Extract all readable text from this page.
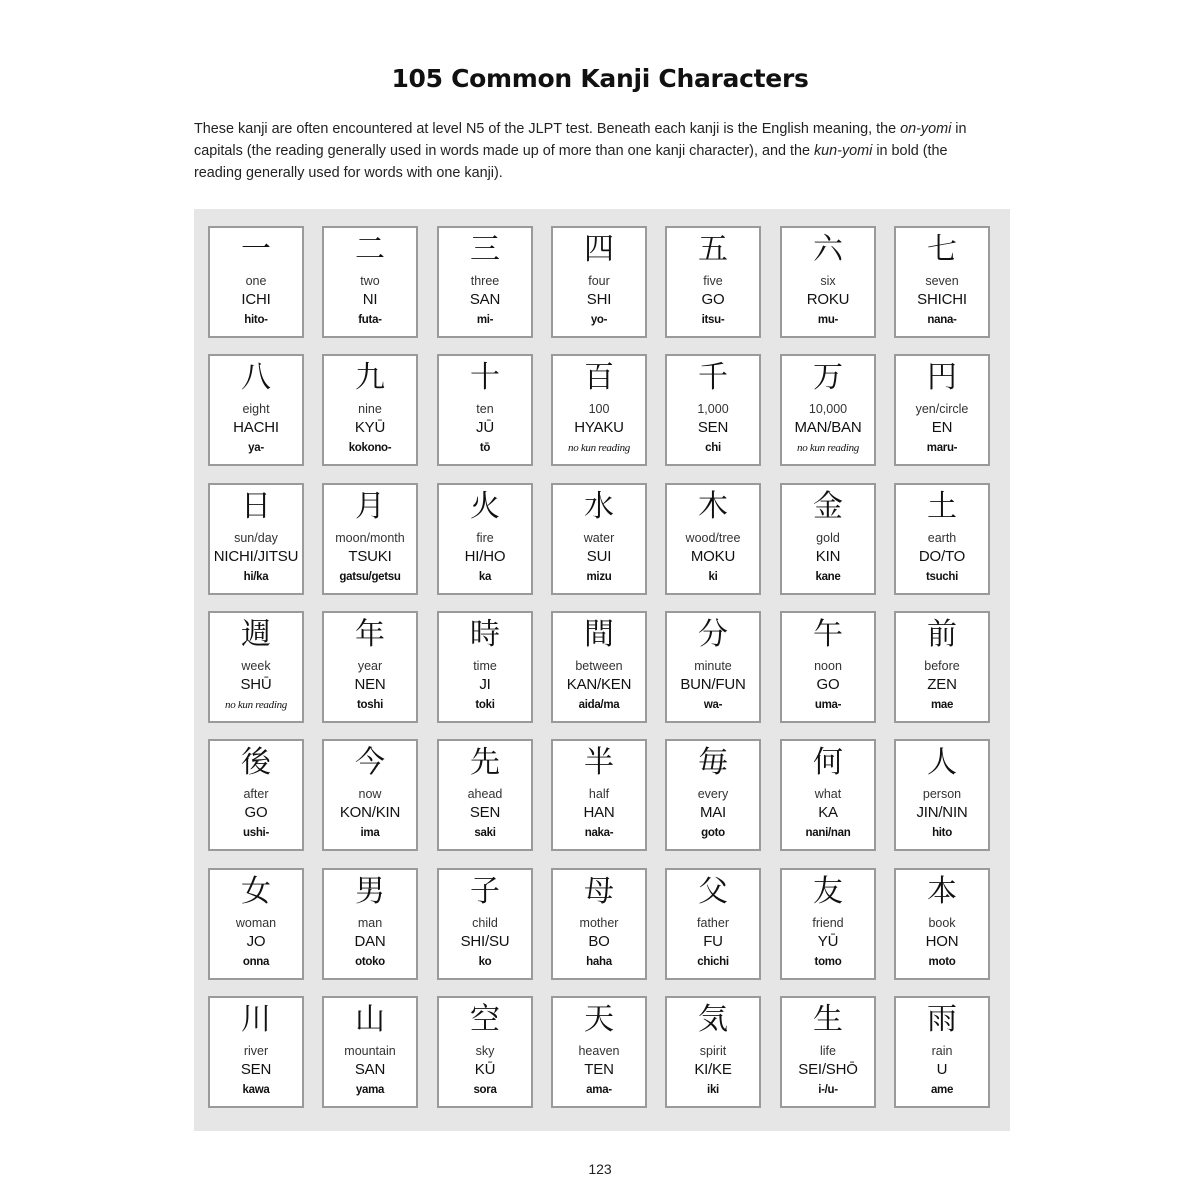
105 Common Kanji Characters
These kanji are often encountered at level N5 of the JLPT test. Beneath each kanji is the English meaning, the on-yomi in capitals (the reading generally used in words made up of more than one kanji character), and the kun-yomi in bold (the reading generally used for words with one kanji).
一
one
ICHI
hito-
二
two
NI
futa-
三
three
SAN
mi-
四
four
SHI
yo-
五
five
GO
itsu-
六
six
ROKU
mu-
七
seven
SHICHI
nana-
八
eight
HACHI
ya-
九
nine
KYŪ
kokono-
十
ten
JŪ
tō
百
100
HYAKU
no kun reading
千
1,000
SEN
chi
万
10,000
MAN/BAN
no kun reading
円
yen/circle
EN
maru-
日
sun/day
NICHI/JITSU
hi/ka
月
moon/month
TSUKI
gatsu/getsu
火
fire
HI/HO
ka
水
water
SUI
mizu
木
wood/tree
MOKU
ki
金
gold
KIN
kane
土
earth
DO/TO
tsuchi
週
week
SHŪ
no kun reading
年
year
NEN
toshi
時
time
JI
toki
間
between
KAN/KEN
aida/ma
分
minute
BUN/FUN
wa-
午
noon
GO
uma-
前
before
ZEN
mae
後
after
GO
ushi-
今
now
KON/KIN
ima
先
ahead
SEN
saki
半
half
HAN
naka-
毎
every
MAI
goto
何
what
KA
nani/nan
人
person
JIN/NIN
hito
女
woman
JO
onna
男
man
DAN
otoko
子
child
SHI/SU
ko
母
mother
BO
haha
父
father
FU
chichi
友
friend
YŪ
tomo
本
book
HON
moto
川
river
SEN
kawa
山
mountain
SAN
yama
空
sky
KŪ
sora
天
heaven
TEN
ama-
気
spirit
KI/KE
iki
生
life
SEI/SHŌ
i-/u-
雨
rain
U
ame
123
